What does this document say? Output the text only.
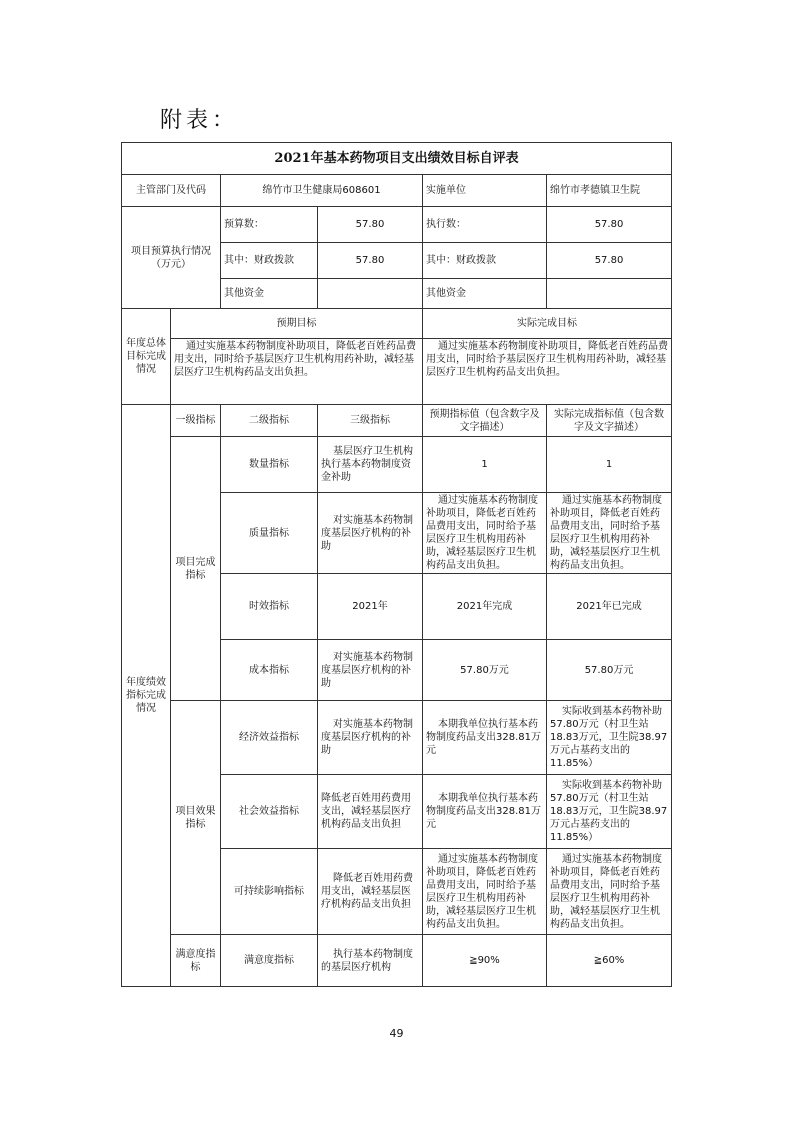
附表：
2021年基本药物项目支出绩效目标自评表					
主管部门及代码		绵竹市卫生健康局608601		实施单位	绵竹市孝德镇卫生院
项目预算执行情况（万元）		预算数：	57.80	执行数：	57.80
		其中：财政拨款	57.80	其中：财政拨款	57.80
		其他资金		其他资金	
年度总体目标完成情况	预期目标			实际完成目标	
	通过实施基本药物制度补助项目，降低老百姓药品费用支出，同时给予基层医疗卫生机构用药补助，减轻基层医疗卫生机构药品支出负担。			通过实施基本药物制度补助项目，降低老百姓药品费用支出，同时给予基层医疗卫生机构用药补助，减轻基层医疗卫生机构药品支出负担。	
年度绩效指标完成情况	一级指标	二级指标	三级指标	预期指标值（包含数字及文字描述）	实际完成指标值（包含数字及文字描述）
	项目完成指标	数量指标	基层医疗卫生机构执行基本药物制度资金补助	1	1
		质量指标	对实施基本药物制度基层医疗机构的补助	通过实施基本药物制度补助项目，降低老百姓药品费用支出，同时给予基层医疗卫生机构用药补助，减轻基层医疗卫生机构药品支出负担。	通过实施基本药物制度补助项目，降低老百姓药品费用支出，同时给予基层医疗卫生机构用药补助，减轻基层医疗卫生机构药品支出负担。
		时效指标	2021年	2021年完成	2021年已完成
		成本指标	对实施基本药物制度基层医疗机构的补助	57.80万元	57.80万元
	项目效果指标	经济效益指标	对实施基本药物制度基层医疗机构的补助	本期我单位执行基本药物制度药品支出328.81万元	实际收到基本药物补助57.80万元（村卫生站18.83万元，卫生院38.97万元占基药支出的11.85%）
		社会效益指标	降低老百姓用药费用支出，减轻基层医疗机构药品支出负担	本期我单位执行基本药物制度药品支出328.81万元	实际收到基本药物补助57.80万元（村卫生站18.83万元，卫生院38.97万元占基药支出的11.85%）
		可持续影响指标	降低老百姓用药费用支出，减轻基层医疗机构药品支出负担	通过实施基本药物制度补助项目，降低老百姓药品费用支出，同时给予基层医疗卫生机构用药补助，减轻基层医疗卫生机构药品支出负担。	通过实施基本药物制度补助项目，降低老百姓药品费用支出，同时给予基层医疗卫生机构用药补助，减轻基层医疗卫生机构药品支出负担。
	满意度指标	满意度指标	执行基本药物制度的基层医疗机构	≧90%	≧60%
49
